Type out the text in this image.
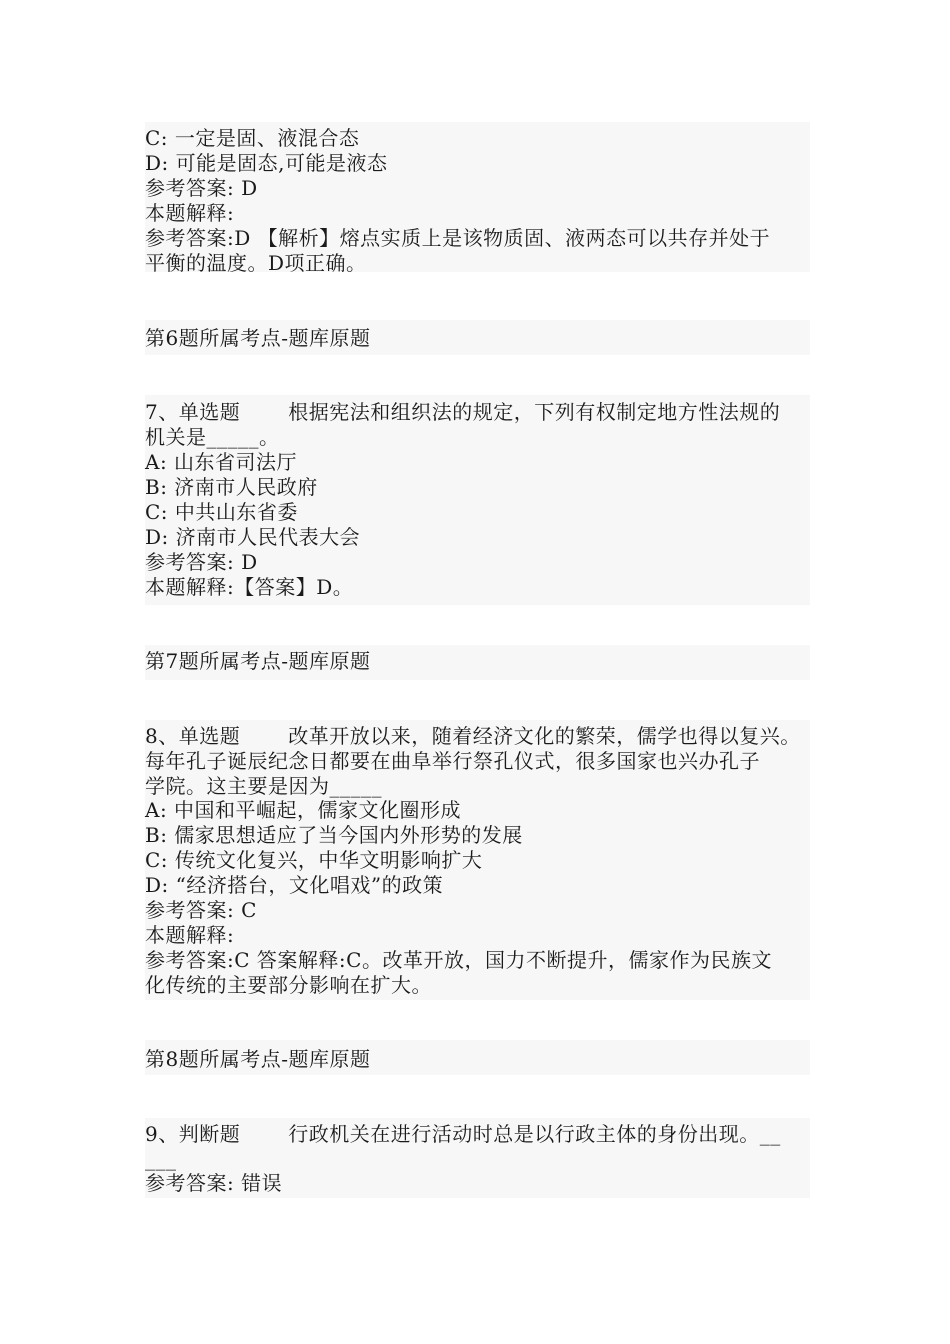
C: 一定是固、液混合态
D: 可能是固态,可能是液态
参考答案: D
本题解释:
参考答案:D 【解析】熔点实质上是该物质固、液两态可以共存并处于
平衡的温度。D项正确。
第6题所属考点-题库原题
7、单选题       根据宪法和组织法的规定，下列有权制定地方性法规的
机关是_____。
A: 山东省司法厅
B: 济南市人民政府
C: 中共山东省委
D: 济南市人民代表大会
参考答案: D
本题解释:【答案】D。
第7题所属考点-题库原题
8、单选题       改革开放以来，随着经济文化的繁荣，儒学也得以复兴。
每年孔子诞辰纪念日都要在曲阜举行祭孔仪式，很多国家也兴办孔子
学院。这主要是因为_____
A: 中国和平崛起，儒家文化圈形成
B: 儒家思想适应了当今国内外形势的发展
C: 传统文化复兴，中华文明影响扩大
D: “经济搭台，文化唱戏”的政策
参考答案: C
本题解释:
参考答案:C 答案解释:C。改革开放，国力不断提升，儒家作为民族文
化传统的主要部分影响在扩大。
第8题所属考点-题库原题
9、判断题       行政机关在进行活动时总是以行政主体的身份出现。__
___
参考答案: 错误
